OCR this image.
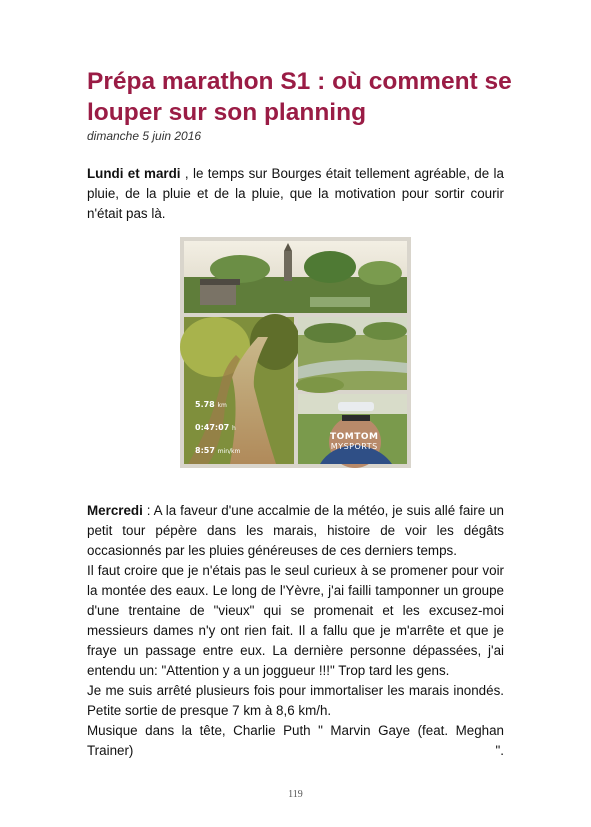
Prépa marathon S1 : où comment se louper sur son planning
dimanche 5 juin 2016
Lundi et mardi , le temps sur Bourges était tellement agréable, de la pluie, de la pluie et de la pluie, que la motivation pour sortir courir n'était pas là.
5.78 km
0:47:07 h
8:57 min/km
TOMTOM
MYSPORTS
Mercredi : A la faveur d'une accalmie de la météo, je suis allé faire un petit tour pépère dans les marais, histoire de voir les dégâts occasionnés par les pluies généreuses de ces derniers temps.
Il faut croire que je n'étais pas le seul curieux à se promener pour voir la montée des eaux. Le long de l'Yèvre, j'ai failli tamponner un groupe d'une trentaine de "vieux" qui se promenait et les excusez-moi messieurs dames n'y ont rien fait. Il a fallu que je m'arrête et que je fraye un passage entre eux. La dernière personne dépassées, j'ai entendu un: "Attention y a un joggueur !!!" Trop tard les gens.
Je me suis arrêté plusieurs fois pour immortaliser les marais inondés. Petite sortie de presque 7 km à 8,6 km/h.
Musique dans la tête, Charlie Puth " Marvin Gaye (feat. Meghan Trainer)	".
119
